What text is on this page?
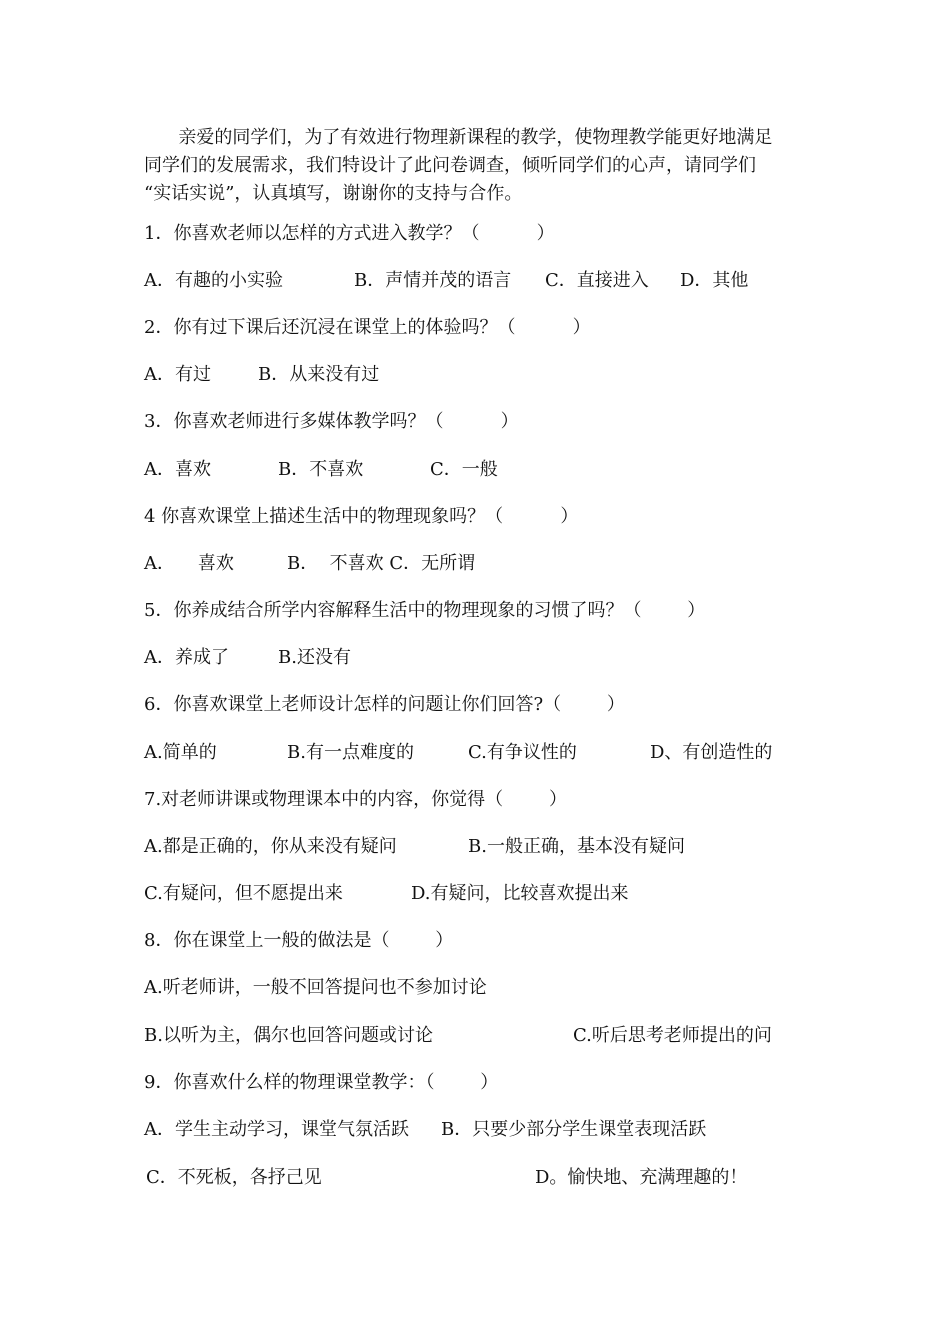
亲爱的同学们，为了有效进行物理新课程的教学，使物理教学能更好地满足
同学们的发展需求，我们特设计了此问卷调查，倾听同学们的心声，请同学们
“实话实说”，认真填写，谢谢你的支持与合作。
1．你喜欢老师以怎样的方式进入教学？（          ）
A．有趣的小实验	B．声情并茂的语言 C．直接进入 D．其他
2．你有过下课后还沉浸在课堂上的体验吗？（          ）
A．有过	B．从来没有过
3．你喜欢老师进行多媒体教学吗？（          ）
A．喜欢	B．不喜欢	C．一般
4 你喜欢课堂上描述生活中的物理现象吗？（          ）
A．    喜欢	B．  不喜欢 C．无所谓
5．你养成结合所学内容解释生活中的物理现象的习惯了吗？（        ）
A．养成了	B.还没有
6．你喜欢课堂上老师设计怎样的问题让你们回答?（        ）
A.简单的	B.有一点难度的	C.有争议性的	D、有创造性的
7.对老师讲课或物理课本中的内容，你觉得（        ）
A.都是正确的，你从来没有疑问	B.一般正确，基本没有疑问
C.有疑问，但不愿提出来	D.有疑问，比较喜欢提出来
8．你在课堂上一般的做法是（        ）
A.听老师讲，一般不回答提问也不参加讨论
B.以听为主，偶尔也回答问题或讨论	C.听后思考老师提出的问
9．你喜欢什么样的物理课堂教学：（        ）
A．学生主动学习，课堂气氛活跃 B．只要少部分学生课堂表现活跃
C．不死板，各抒己见	D。愉快地、充满理趣的！
